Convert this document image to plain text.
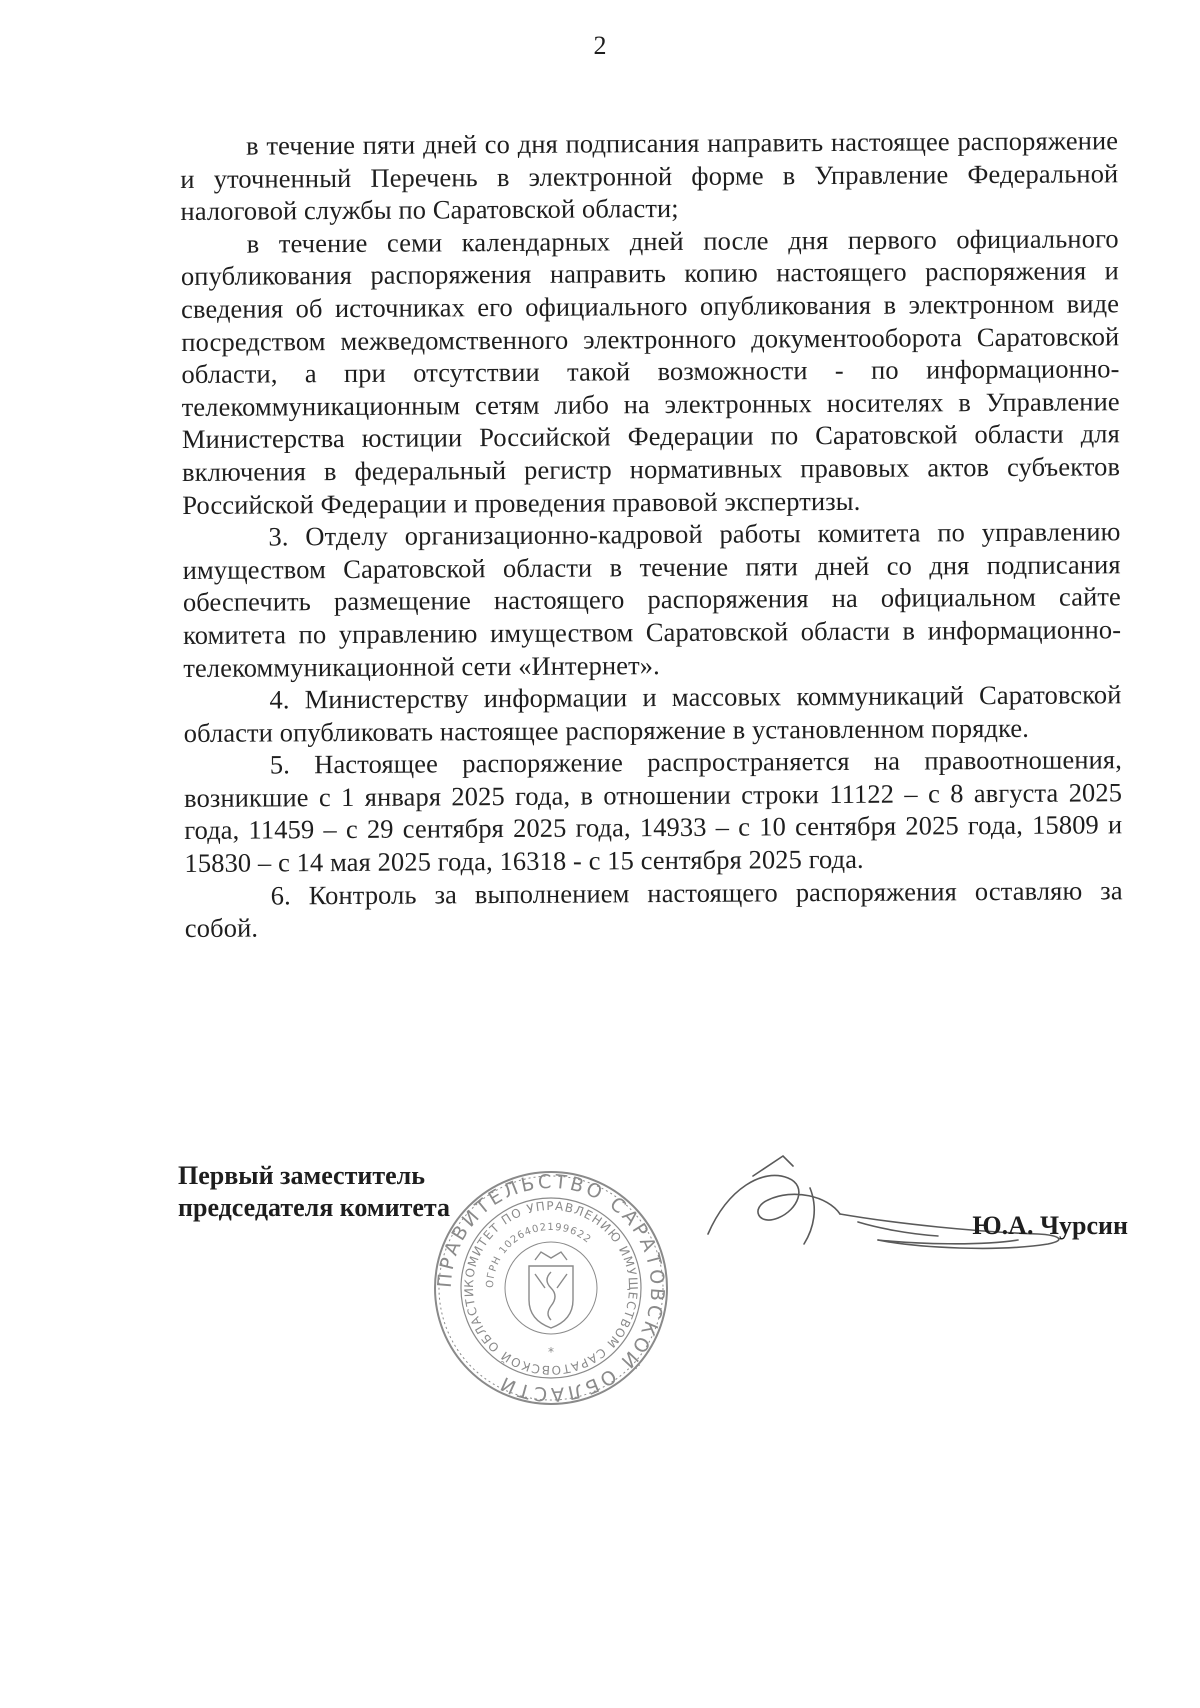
2

в течение пяти дней со дня подписания направить настоящее распоряжение и уточненный Перечень в электронной форме в Управление Федеральной налоговой службы по Саратовской области;

в течение семи календарных дней после дня первого официального опубликования распоряжения направить копию настоящего распоряжения и сведения об источниках его официального опубликования в электронном виде посредством межведомственного электронного документооборота Саратовской области, а при отсутствии такой возможности - по информационно-телекоммуникационным сетям либо на электронных носителях в Управление Министерства юстиции Российской Федерации по Саратовской области для включения в федеральный регистр нормативных правовых актов субъектов Российской Федерации и проведения правовой экспертизы.

3. Отделу организационно-кадровой работы комитета по управлению имуществом Саратовской области в течение пяти дней со дня подписания обеспечить размещение настоящего распоряжения на официальном сайте комитета по управлению имуществом Саратовской области в информационно-телекоммуникационной сети «Интернет».

4. Министерству информации и массовых коммуникаций Саратовской области опубликовать настоящее распоряжение в установленном порядке.

5. Настоящее распоряжение распространяется на правоотношения, возникшие с 1 января 2025 года, в отношении строки 11122 – с 8 августа 2025 года, 11459 – с 29 сентября 2025 года, 14933 – с 10 сентября 2025 года, 15809 и 15830 – с 14 мая 2025 года, 16318 - с 15 сентября 2025 года.

6. Контроль за выполнением настоящего распоряжения оставляю за собой.

Первый заместитель
председателя комитета
ПРАВИТЕЛЬСТВО САРАТОВСКОЙ ОБЛАСТИ
КОМИТЕТ ПО УПРАВЛЕНИЮ ИМУЩЕСТВОМ САРАТОВСКОЙ ОБЛАСТИ
ОГРН 1026402199622
*
Ю.А. Чурсин
